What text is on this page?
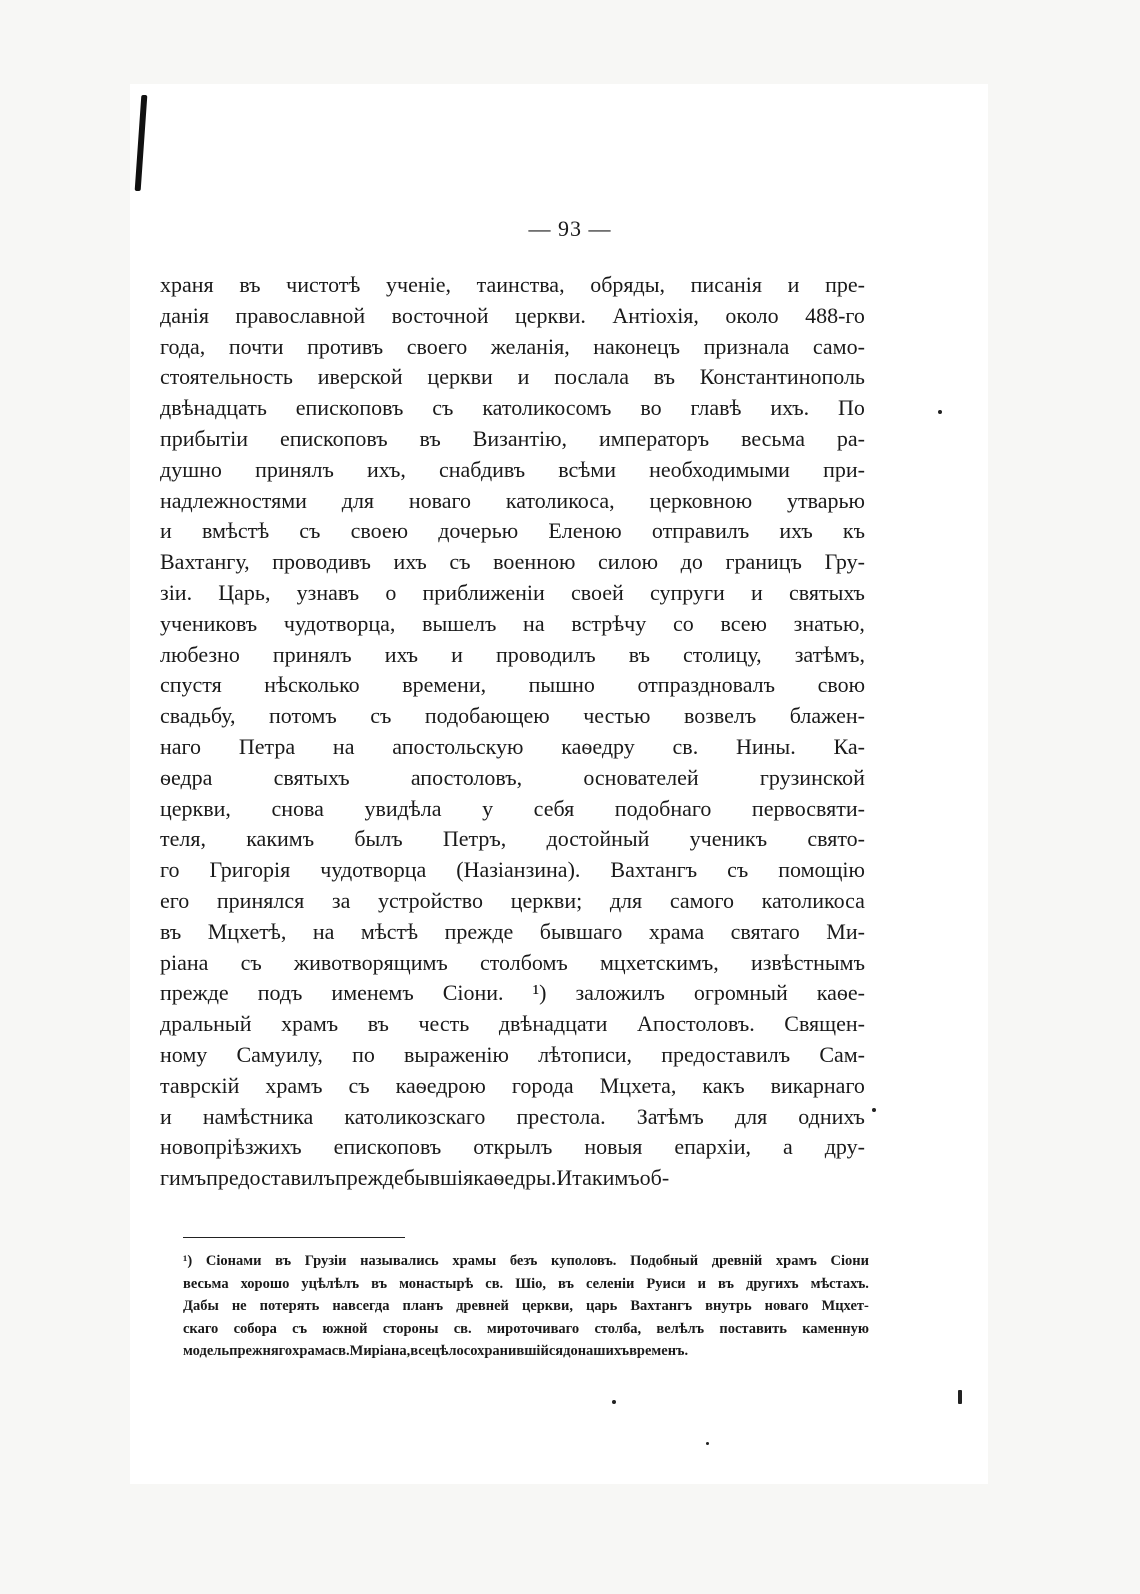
— 93 —
храня въ чистотѣ ученіе, таинства, обряды, писанія и пре-
данія православной восточной церкви. Антіохія, около 488-го
года, почти противъ своего желанія, наконецъ признала само-
стоятельность иверской церкви и послала въ Константинополь
двѣнадцать епископовъ съ католикосомъ во главѣ ихъ. По
прибытіи епископовъ въ Византію, императоръ весьма ра-
душно принялъ ихъ, снабдивъ всѣми необходимыми при-
надлежностями для новаго католикоса, церковною утварью
и вмѣстѣ съ своею дочерью Еленою отправилъ ихъ къ
Вахтангу, проводивъ ихъ съ военною силою до границъ Гру-
зіи. Царь, узнавъ о приближеніи своей супруги и святыхъ
учениковъ чудотворца, вышелъ на встрѣчу со всею знатью,
любезно принялъ ихъ и проводилъ въ столицу, затѣмъ,
спустя нѣсколько времени, пышно отпраздновалъ свою
свадьбу, потомъ съ подобающею честью возвелъ блажен-
наго Петра на апостольскую каѳедру св. Нины. Ка-
ѳедра	святыхъ	апостоловъ,	основателей	грузинской
церкви, снова увидѣла у себя подобнаго первосвяти-
теля, какимъ былъ Петръ, достойный ученикъ свято-
го Григорія чудотворца (Назіанзина). Вахтангъ съ помощію
его принялся за устройство церкви; для самого католикоса
въ Мцхетѣ, на мѣстѣ прежде бывшаго храма святаго Ми-
ріана съ животворящимъ столбомъ мцхетскимъ, извѣстнымъ
прежде подъ именемъ Сіони. ¹) заложилъ огромный каѳе-
дральный храмъ въ честь двѣнадцати Апостоловъ. Священ-
ному Самуилу, по выраженію лѣтописи, предоставилъ Сам-
таврскій храмъ съ каѳедрою города Мцхета, какъ викарнаго
и намѣстника католикозскаго престола. Затѣмъ для однихъ
новопріѣзжихъ епископовъ открылъ новыя епархіи, а дру-
гимъ предоставилъ прежде бывшія каѳедры. И такимъ об-
¹) Сіонами въ Грузіи назывались храмы безъ куполовъ. Подобный древній храмъ Сіони
весьма хорошо уцѣлѣлъ въ монастырѣ св. Шіо, въ селеніи Руиси и въ другихъ мѣстахъ.
Дабы не потерять навсегда планъ древней церкви, царь Вахтангъ внутрь новаго Мцхет-
скаго собора съ южной стороны св. мироточиваго столба, велѣлъ поставить каменную
модель прежняго храма св. Миріана, всецѣло сохранившійся до нашихъ временъ.
